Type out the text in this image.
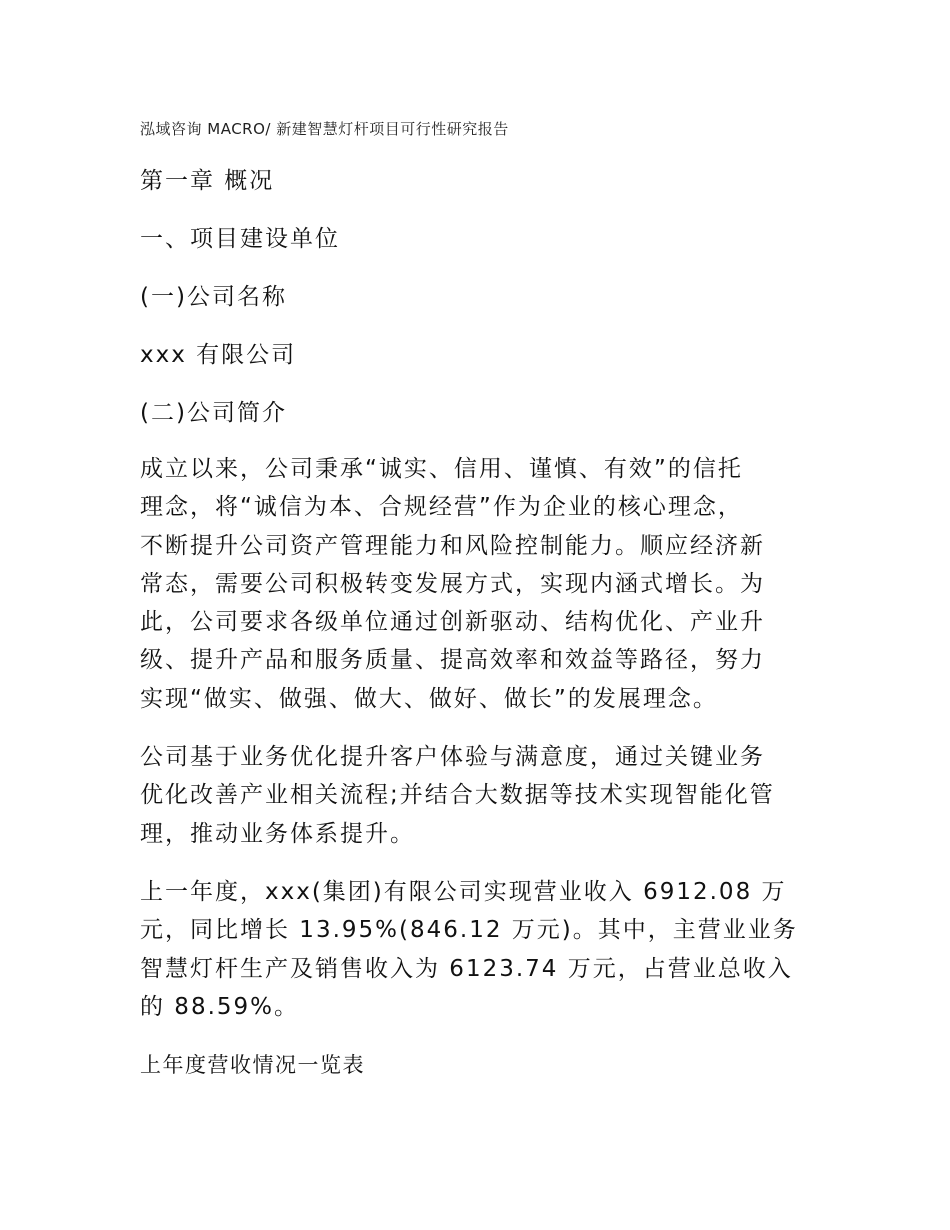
泓域咨询 MACRO/ 新建智慧灯杆项目可行性研究报告
第一章 概况
一、项目建设单位
(一)公司名称

xxx 有限公司

(二)公司简介

成立以来，公司秉承“诚实、信用、谨慎、有效”的信托
理念，将“诚信为本、合规经营”作为企业的核心理念，
不断提升公司资产管理能力和风险控制能力。顺应经济新
常态，需要公司积极转变发展方式，实现内涵式增长。为
此，公司要求各级单位通过创新驱动、结构优化、产业升
级、提升产品和服务质量、提高效率和效益等路径，努力
实现“做实、做强、做大、做好、做长”的发展理念。

公司基于业务优化提升客户体验与满意度，通过关键业务
优化改善产业相关流程;并结合大数据等技术实现智能化管
理，推动业务体系提升。

上一年度，xxx(集团)有限公司实现营业收入 6912.08 万
元，同比增长 13.95%(846.12 万元)。其中，主营业业务
智慧灯杆生产及销售收入为 6123.74 万元，占营业总收入
的 88.59%。

上年度营收情况一览表
